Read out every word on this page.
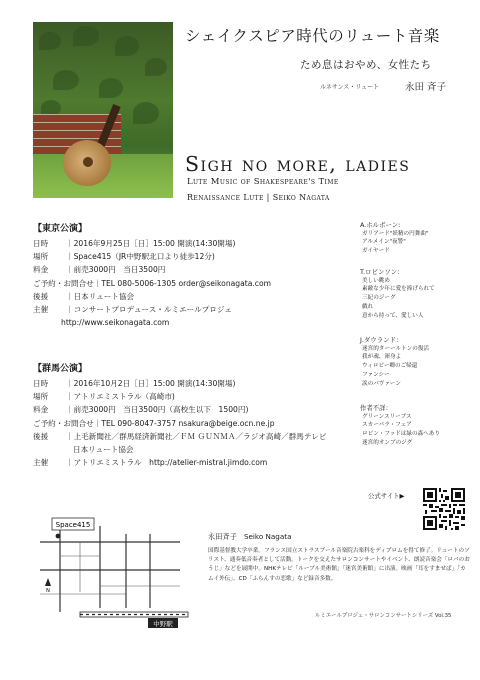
シェイクスピア時代のリュート音楽
ため息はおやめ、女性たち
ルネサンス・リュート	永田 斉子
Sigh no more, ladies
Lute Music of Shakespeare's Time
Renaissance Lute | Seiko Nagata
【東京公演】
日時 ｜2016年9月25日［日］15:00 開演(14:30開場)
場所 ｜Space415（JR中野駅北口より徒歩12分)
料金 ｜前売3000円　当日3500円
ご予約・お問合せ｜TEL 080-5006-1305 order@seikonagata.com
後援 ｜日本リュート協会
主催 ｜コンサートプロデュース・ルミエールプロジェ
http://www.seikonagata.com
【群馬公演】
日時 ｜2016年10月2日［日］15:00 開演(14:30開場)
場所 ｜アトリエミストラル（高崎市)
料金 ｜前売3000円　当日3500円（高校生以下　1500円)
ご予約・お問合せ｜TEL 090-8047-3757 nsakura@beige.ocn.ne.jp
後援 ｜上毛新聞社／群馬経済新聞社／ＦＭ ＧＵＮＭＡ／ラジオ高崎／群馬テレビ
日本リュート協会
主催 ｜アトリエミストラル　http://atelier-mistral.jimdo.com
A.ホルボーン:
ガリアード"妖精の円舞曲"
アルメイン"夜警"
ガイヤード
T.ロビンソン：
美しい眺め
素敵な少年に愛を捧げられて
三紀のジーグ
戯れ
意から持って、愛しい人
J.ダウランド：
迷宮的ターールトンの復活
我が魂、渾身よ
ウィロビー卿のご帰還
ファンシー
涙のパヴァーン
作者不詳：
グリーンスリーブス
スカーバラ・フェア
ロビン・フッドは緑の森へあり
迷宮的オンブのジグ
公式サイト▶
Space415
N
中野駅
永田斉子　Seiko Nagata
国際基督教大学卒業。フランス国立ストラスブール音楽院古楽科をディプロムを得て修了。リュートのソリスト、通奏低音奏者として活動。トークを交えたサロンコンサートやイベント、朗読音楽会「ロバのおうじ」などを展開中。NHKテレビ「ルーブル美術館」「迷宮美術館」に出演。映画「耳をすませば」「カムイ外伝」、CD「ふらんすの恋歌」など録音多数。
ルミエールプロジェ・サロンコンサートシリーズ Vol.35
